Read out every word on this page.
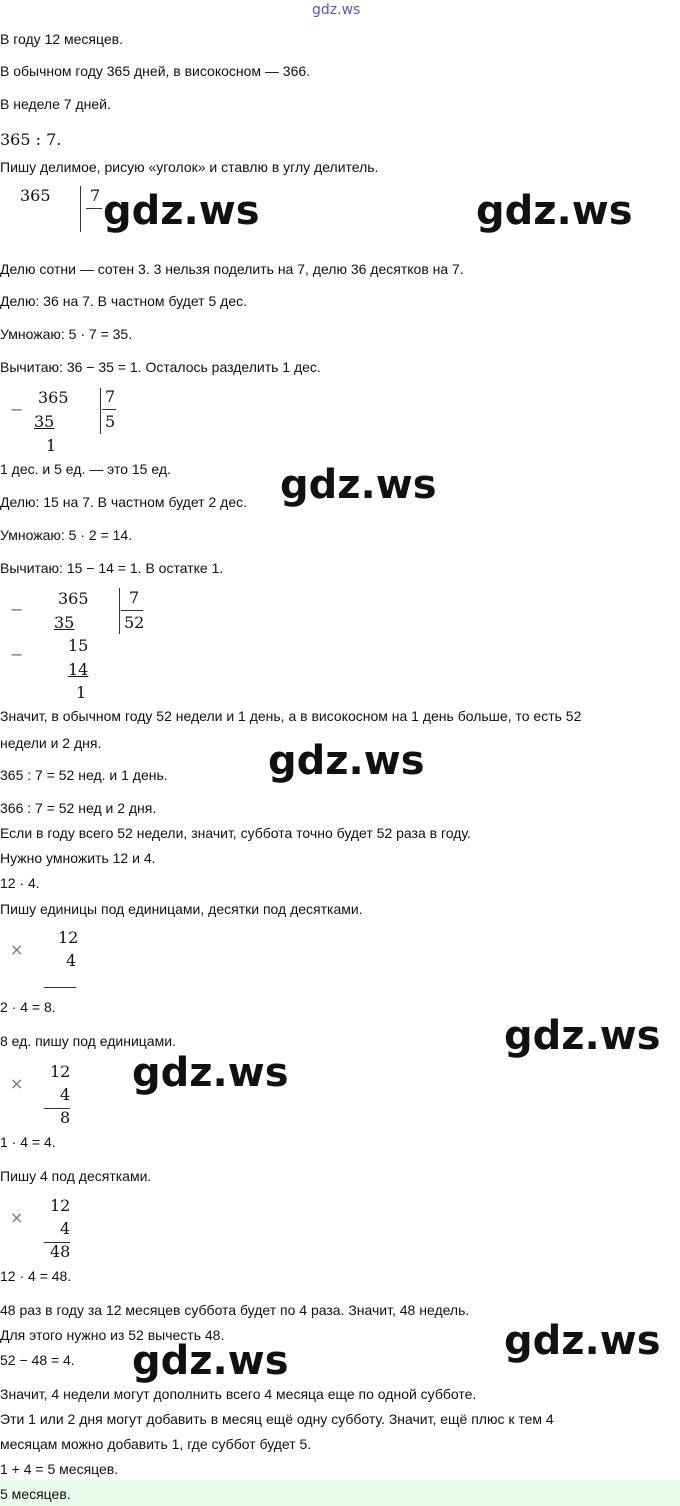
gdz.ws
В году 12 месяцев.
В обычном году 365 дней, в високосном — 366.
В неделе 7 дней.
365 : 7.
Пишу делимое, рисую «уголок» и ставлю в углу делитель.
365 7
Делю сотни — сотен 3. 3 нельзя поделить на 7, делю 36 десятков на 7.
Делю: 36 на 7. В частном будет 5 дес.
Умножаю: 5 · 7 = 35.
Вычитаю: 36 − 35 = 1. Осталось разделить 1 дес.
−
365
35
1
7
5
1 дес. и 5 ед. — это 15 ед.
Делю: 15 на 7. В частном будет 2 дес.
Умножаю: 5 · 2 = 14.
Вычитаю: 15 − 14 = 1. В остатке 1.
−
365
35
−	15
14
1
7
52
Значит, в обычном году 52 недели и 1 день, а в високосном на 1 день больше, то есть 52
недели и 2 дня.
365 : 7 = 52 нед. и 1 день.
366 : 7 = 52 нед и 2 дня.
Если в году всего 52 недели, значит, суббота точно будет 52 раза в году.
Нужно умножить 12 и 4.
12 · 4.
Пишу единицы под единицами, десятки под десятками.
×
12
4
2 · 4 = 8.
8 ед. пишу под единицами.
×
12
4
8
1 · 4 = 4.
Пишу 4 под десятками.
×
12
4
48
12 · 4 = 48.
48 раз в году за 12 месяцев суббота будет по 4 раза. Значит, 48 недель.
Для этого нужно из 52 вычесть 48.
52 − 48 = 4.
Значит, 4 недели могут дополнить всего 4 месяца еще по одной субботе.
Эти 1 или 2 дня могут добавить в месяц ещё одну субботу. Значит, ещё плюс к тем 4
месяцам можно добавить 1, где суббот будет 5.
1 + 4 = 5 месяцев.
5 месяцев.
gdz.ws	gdz.ws
gdz.ws
gdz.ws
gdz.ws
gdz.ws
gdz.ws
gdz.ws
